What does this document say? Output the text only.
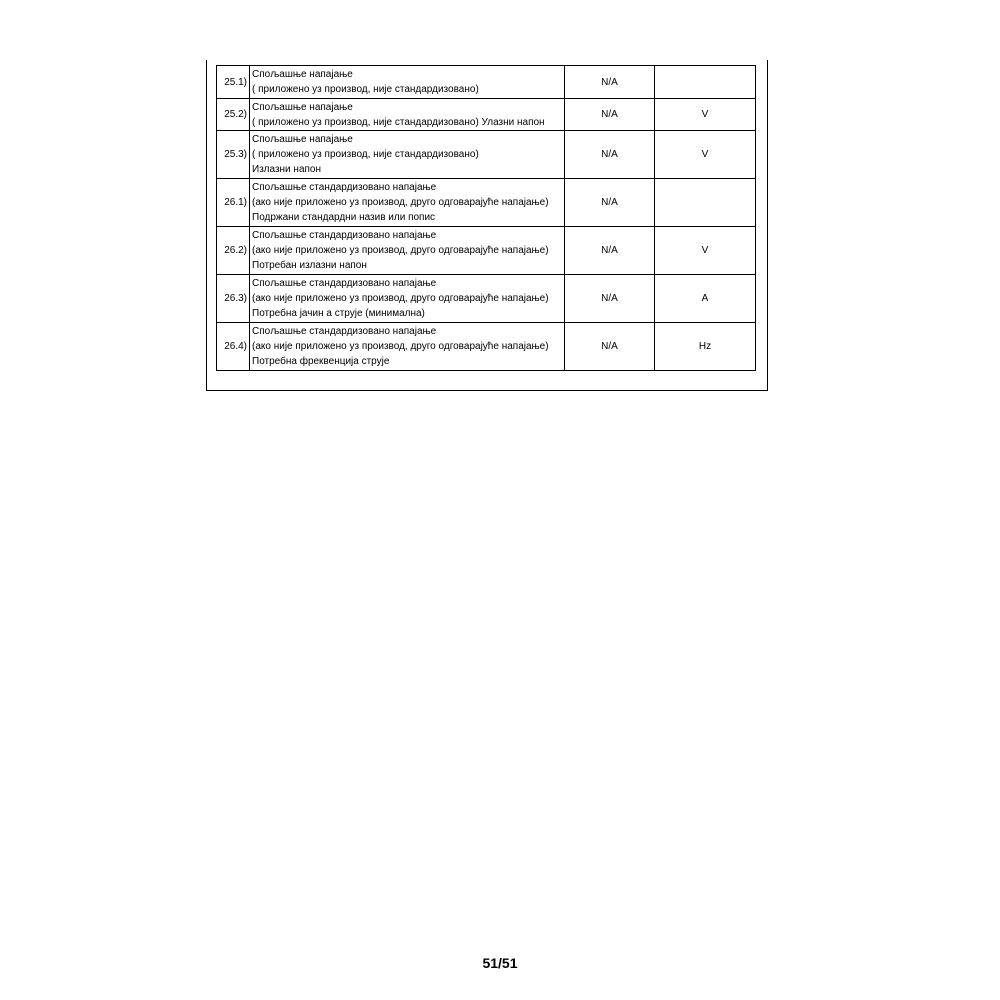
25.1)	Спољашње напајање
( приложено уз производ, није стандардизовано)	N/A	
25.2)	Спољашње напајање
( приложено уз производ, није стандардизовано) Улазни напон	N/A	V
25.3)	Спољашње напајање
( приложено уз производ, није стандардизовано)
Излазни напон	N/A	V
26.1)	Спољашње стандардизовано напајање
(ако није приложено уз производ, друго одговарајуће напајање)
Подржани стандардни назив или попис	N/A	
26.2)	Спољашње стандардизовано напајање
(ако није приложено уз производ, друго одговарајуће напајање)
Потребан излазни напон	N/A	V
26.3)	Спољашње стандардизовано напајање
(ако није приложено уз производ, друго одговарајуће напајање)
Потребна јачин а струје (минимална)	N/A	A
26.4)	Спољашње стандардизовано напајање
(ако није приложено уз производ, друго одговарајуће напајање)
Потребна фреквенција струје	N/A	Hz
51/51
